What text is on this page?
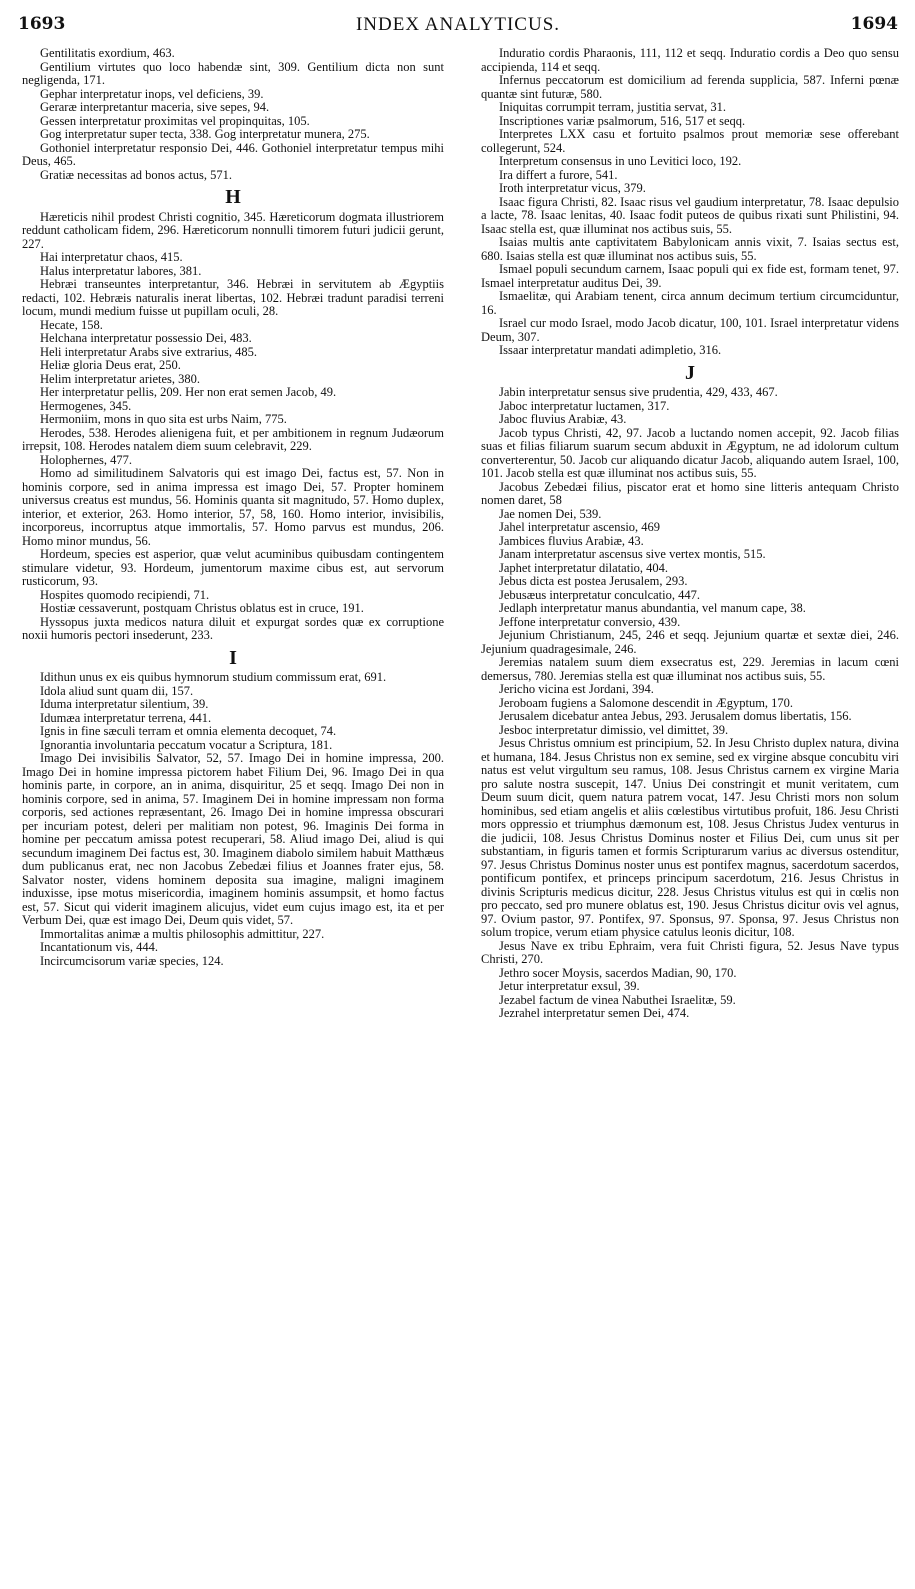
1693	INDEX ANALYTICUS.	1694

Gentilitatis exordium, 463.

Gentilium virtutes quo loco habendæ sint, 309. Gentilium dicta non sunt negligenda, 171.

Gephar interpretatur inops, vel deficiens, 39.

Geraræ interpretantur maceria, sive sepes, 94.

Gessen interpretatur proximitas vel propinquitas, 105.

Gog interpretatur super tecta, 338. Gog interpretatur munera, 275.

Gothoniel interpretatur responsio Dei, 446. Gothoniel interpretatur tempus mihi Deus, 465.

Gratiæ necessitas ad bonos actus, 571.

H

Hæreticis nihil prodest Christi cognitio, 345. Hæreticorum dogmata illustriorem reddunt catholicam fidem, 296. Hæreticorum nonnulli timorem futuri judicii gerunt, 227.

Hai interpretatur chaos, 415.

Halus interpretatur labores, 381.

Hebræi transeuntes interpretantur, 346. Hebræi in servitutem ab Ægyptiis redacti, 102. Hebræis naturalis inerat libertas, 102. Hebræi tradunt paradisi terreni locum, mundi medium fuisse ut pupillam oculi, 28.

Hecate, 158.

Helchana interpretatur possessio Dei, 483.

Heli interpretatur Arabs sive extrarius, 485.

Heliæ gloria Deus erat, 250.

Helim interpretatur arietes, 380.

Her interpretatur pellis, 209. Her non erat semen Jacob, 49.

Hermogenes, 345.

Hermoniim, mons in quo sita est urbs Naim, 775.

Herodes, 538. Herodes alienigena fuit, et per ambitionem in regnum Judæorum irrepsit, 108. Herodes natalem diem suum celebravit, 229.

Holophernes, 477.

Homo ad similitudinem Salvatoris qui est imago Dei, factus est, 57. Non in hominis corpore, sed in anima impressa est imago Dei, 57. Propter hominem universus creatus est mundus, 56. Hominis quanta sit magnitudo, 57. Homo duplex, interior, et exterior, 263. Homo interior, 57, 58, 160. Homo interior, invisibilis, incorporeus, incorruptus atque immortalis, 57. Homo parvus est mundus, 206. Homo minor mundus, 56.

Hordeum, species est asperior, quæ velut acuminibus quibusdam contingentem stimulare videtur, 93. Hordeum, jumentorum maxime cibus est, aut servorum rusticorum, 93.

Hospites quomodo recipiendi, 71.

Hostiæ cessaverunt, postquam Christus oblatus est in cruce, 191.

Hyssopus juxta medicos natura diluit et expurgat sordes quæ ex corruptione noxii humoris pectori insederunt, 233.

I

Idithun unus ex eis quibus hymnorum studium commissum erat, 691.

Idola aliud sunt quam dii, 157.

Iduma interpretatur silentium, 39.

Idumæa interpretatur terrena, 441.

Ignis in fine sæculi terram et omnia elementa decoquet, 74.

Ignorantia involuntaria peccatum vocatur a Scriptura, 181.

Imago Dei invisibilis Salvator, 52, 57. Imago Dei in homine impressa, 200. Imago Dei in homine impressa pictorem habet Filium Dei, 96. Imago Dei in qua hominis parte, in corpore, an in anima, disquiritur, 25 et seqq. Imago Dei non in hominis corpore, sed in anima, 57. Imaginem Dei in homine impressam non forma corporis, sed actiones repræsentant, 26. Imago Dei in homine impressa obscurari per incuriam potest, deleri per malitiam non potest, 96. Imaginis Dei forma in homine per peccatum amissa potest recuperari, 58. Aliud imago Dei, aliud is qui secundum imaginem Dei factus est, 30. Imaginem diabolo similem habuit Matthæus dum publicanus erat, nec non Jacobus Zebedæi filius et Joannes frater ejus, 58. Salvator noster, videns hominem deposita sua imagine, maligni imaginem induxisse, ipse motus misericordia, imaginem hominis assumpsit, et homo factus est, 57. Sicut qui viderit imaginem alicujus, videt eum cujus imago est, ita et per Verbum Dei, quæ est imago Dei, Deum quis videt, 57.

Immortalitas animæ a multis philosophis admittitur, 227.

Incantationum vis, 444.

Incircumcisorum variæ species, 124.

Induratio cordis Pharaonis, 111, 112 et seqq. Induratio cordis a Deo quo sensu accipienda, 114 et seqq.

Infernus peccatorum est domicilium ad ferenda supplicia, 587. Inferni pœnæ quantæ sint futuræ, 580.

Iniquitas corrumpit terram, justitia servat, 31.

Inscriptiones variæ psalmorum, 516, 517 et seqq.

Interpretes LXX casu et fortuito psalmos prout memoriæ sese offerebant collegerunt, 524.

Interpretum consensus in uno Levitici loco, 192.

Ira differt a furore, 541.

Iroth interpretatur vicus, 379.

Isaac figura Christi, 82. Isaac risus vel gaudium interpretatur, 78. Isaac depulsio a lacte, 78. Isaac lenitas, 40. Isaac fodit puteos de quibus rixati sunt Philistini, 94. Isaac stella est, quæ illuminat nos actibus suis, 55.

Isaias multis ante captivitatem Babylonicam annis vixit, 7. Isaias sectus est, 680. Isaias stella est quæ illuminat nos actibus suis, 55.

Ismael populi secundum carnem, Isaac populi qui ex fide est, formam tenet, 97. Ismael interpretatur auditus Dei, 39.

Ismaelitæ, qui Arabiam tenent, circa annum decimum tertium circumciduntur, 16.

Israel cur modo Israel, modo Jacob dicatur, 100, 101. Israel interpretatur videns Deum, 307.

Issaar interpretatur mandati adimpletio, 316.

J

Jabin interpretatur sensus sive prudentia, 429, 433, 467.

Jaboc interpretatur luctamen, 317.

Jaboc fluvius Arabiæ, 43.

Jacob typus Christi, 42, 97. Jacob a luctando nomen accepit, 92. Jacob filias suas et filias filiarum suarum secum abduxit in Ægyptum, ne ad idolorum cultum converterentur, 50. Jacob cur aliquando dicatur Jacob, aliquando autem Israel, 100, 101. Jacob stella est quæ illuminat nos actibus suis, 55.

Jacobus Zebedæi filius, piscator erat et homo sine litteris antequam Christo nomen daret, 58

Jae nomen Dei, 539.

Jahel interpretatur ascensio, 469

Jambices fluvius Arabiæ, 43.

Janam interpretatur ascensus sive vertex montis, 515.

Japhet interpretatur dilatatio, 404.

Jebus dicta est postea Jerusalem, 293.

Jebusæus interpretatur conculcatio, 447.

Jedlaph interpretatur manus abundantia, vel manum cape, 38.

Jeffone interpretatur conversio, 439.

Jejunium Christianum, 245, 246 et seqq. Jejunium quartæ et sextæ diei, 246. Jejunium quadragesimale, 246.

Jeremias natalem suum diem exsecratus est, 229. Jeremias in lacum cœni demersus, 780. Jeremias stella est quæ illuminat nos actibus suis, 55.

Jericho vicina est Jordani, 394.

Jeroboam fugiens a Salomone descendit in Ægyptum, 170.

Jerusalem dicebatur antea Jebus, 293. Jerusalem domus libertatis, 156.

Jesboc interpretatur dimissio, vel dimittet, 39.

Jesus Christus omnium est principium, 52. In Jesu Christo duplex natura, divina et humana, 184. Jesus Christus non ex semine, sed ex virgine absque concubitu viri natus est velut virgultum seu ramus, 108. Jesus Christus carnem ex virgine Maria pro salute nostra suscepit, 147. Unius Dei constringit et munit veritatem, cum Deum suum dicit, quem natura patrem vocat, 147. Jesu Christi mors non solum hominibus, sed etiam angelis et aliis cœlestibus virtutibus profuit, 186. Jesu Christi mors oppressio et triumphus dæmonum est, 108. Jesus Christus Judex venturus in die judicii, 108. Jesus Christus Dominus noster et Filius Dei, cum unus sit per substantiam, in figuris tamen et formis Scripturarum varius ac diversus ostenditur, 97. Jesus Christus Dominus noster unus est pontifex magnus, sacerdotum sacerdos, pontificum pontifex, et princeps principum sacerdotum, 216. Jesus Christus in divinis Scripturis medicus dicitur, 228. Jesus Christus vitulus est qui in cœlis non pro peccato, sed pro munere oblatus est, 190. Jesus Christus dicitur ovis vel agnus, 97. Ovium pastor, 97. Pontifex, 97. Sponsus, 97. Sponsa, 97. Jesus Christus non solum tropice, verum etiam physice catulus leonis dicitur, 108.

Jesus Nave ex tribu Ephraim, vera fuit Christi figura, 52. Jesus Nave typus Christi, 270.

Jethro socer Moysis, sacerdos Madian, 90, 170.

Jetur interpretatur exsul, 39.

Jezabel factum de vinea Nabuthei Israelitæ, 59.

Jezrahel interpretatur semen Dei, 474.
